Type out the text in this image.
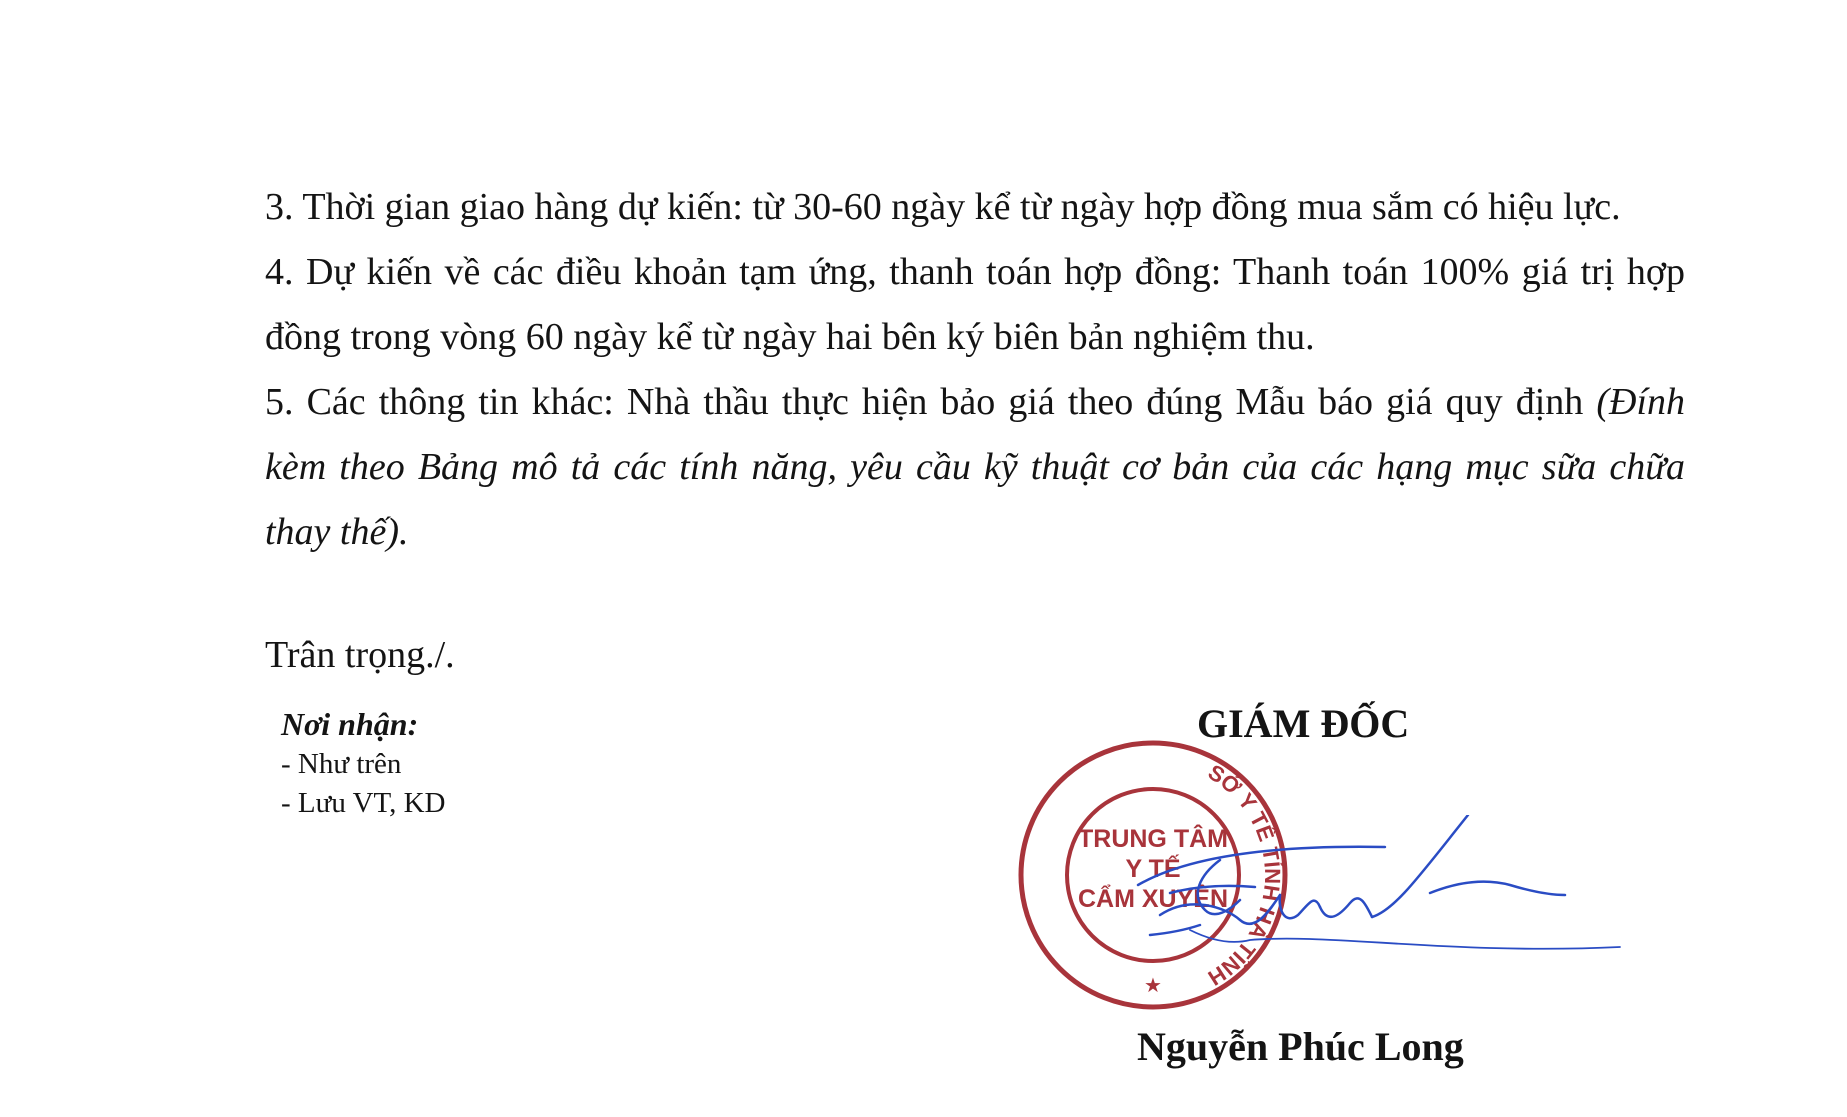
3. Thời gian giao hàng dự kiến: từ 30-60 ngày kể từ ngày hợp đồng mua sắm có hiệu lực.

4. Dự kiến về các điều khoản tạm ứng, thanh toán hợp đồng: Thanh toán 100% giá trị hợp đồng trong vòng 60 ngày kể từ ngày hai bên ký biên bản nghiệm thu.

5. Các thông tin khác: Nhà thầu thực hiện bảo giá theo đúng Mẫu báo giá quy định (Đính kèm theo Bảng mô tả các tính năng, yêu cầu kỹ thuật cơ bản của các hạng mục sữa chữa thay thế).

Trân trọng./.
Nơi nhận:
- Như trên
- Lưu VT, KD
GIÁM ĐỐC
TRUNG TÂM
Y TẾ
CẨM XUYÊN
SỞ Y TẾ TỈNH HÀ TĨNH
★
Nguyễn Phúc Long
